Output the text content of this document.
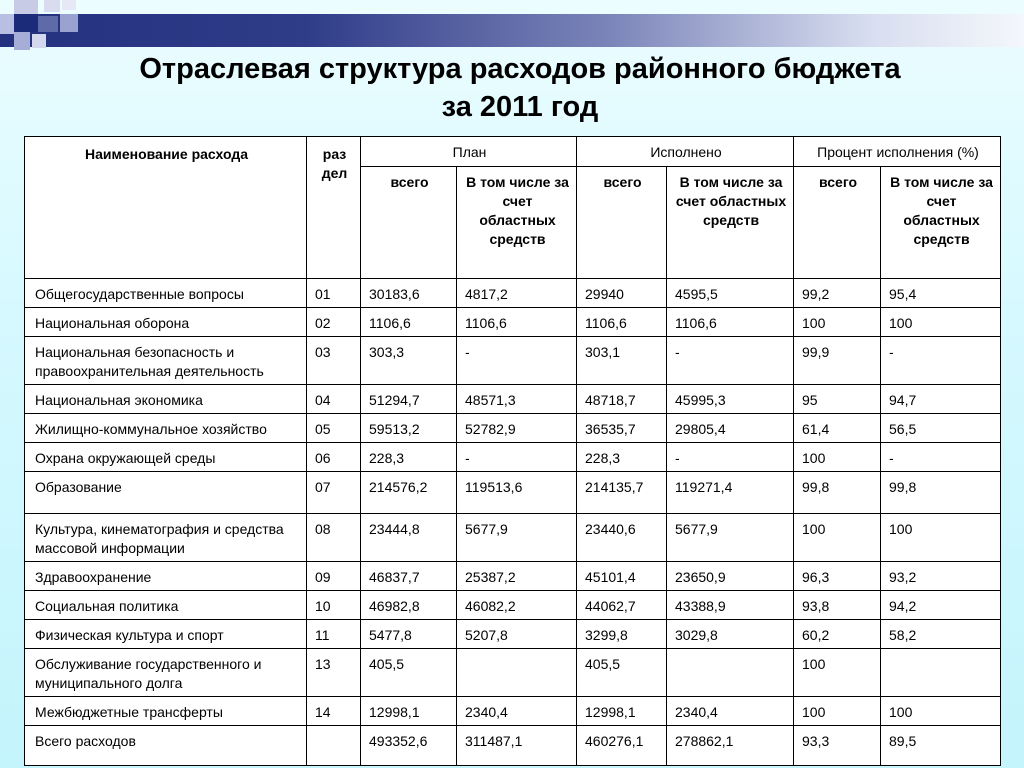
Отраслевая структура расходов районного бюджета
за 2011 год
Наименование расхода	раз дел	План		Исполнено		Процент исполнения (%)	
		всего	В том числе за счет областных средств	всего	В том числе за счет областных средств	всего	В том числе за счет областных средств
Общегосударственные вопросы	01	30183,6	4817,2	29940	4595,5	99,2	95,4
Национальная оборона	02	1106,6	1106,6	1106,6	1106,6	100	100
Национальная безопасность и правоохранительная деятельность	03	303,3	-	303,1	-	99,9	-
Национальная экономика	04	51294,7	48571,3	48718,7	45995,3	95	94,7
Жилищно-коммунальное хозяйство	05	59513,2	52782,9	36535,7	29805,4	61,4	56,5
Охрана окружающей среды	06	228,3	-	228,3	-	100	-
Образование	07	214576,2	119513,6	214135,7	119271,4	99,8	99,8
Культура, кинематография и средства массовой информации	08	23444,8	5677,9	23440,6	5677,9	100	100
Здравоохранение	09	46837,7	25387,2	45101,4	23650,9	96,3	93,2
Социальная политика	10	46982,8	46082,2	44062,7	43388,9	93,8	94,2
Физическая культура и спорт	11	5477,8	5207,8	3299,8	3029,8	60,2	58,2
Обслуживание государственного и муниципального долга	13	405,5		405,5		100	
Межбюджетные трансферты	14	12998,1	2340,4	12998,1	2340,4	100	100
Всего расходов		493352,6	311487,1	460276,1	278862,1	93,3	89,5
